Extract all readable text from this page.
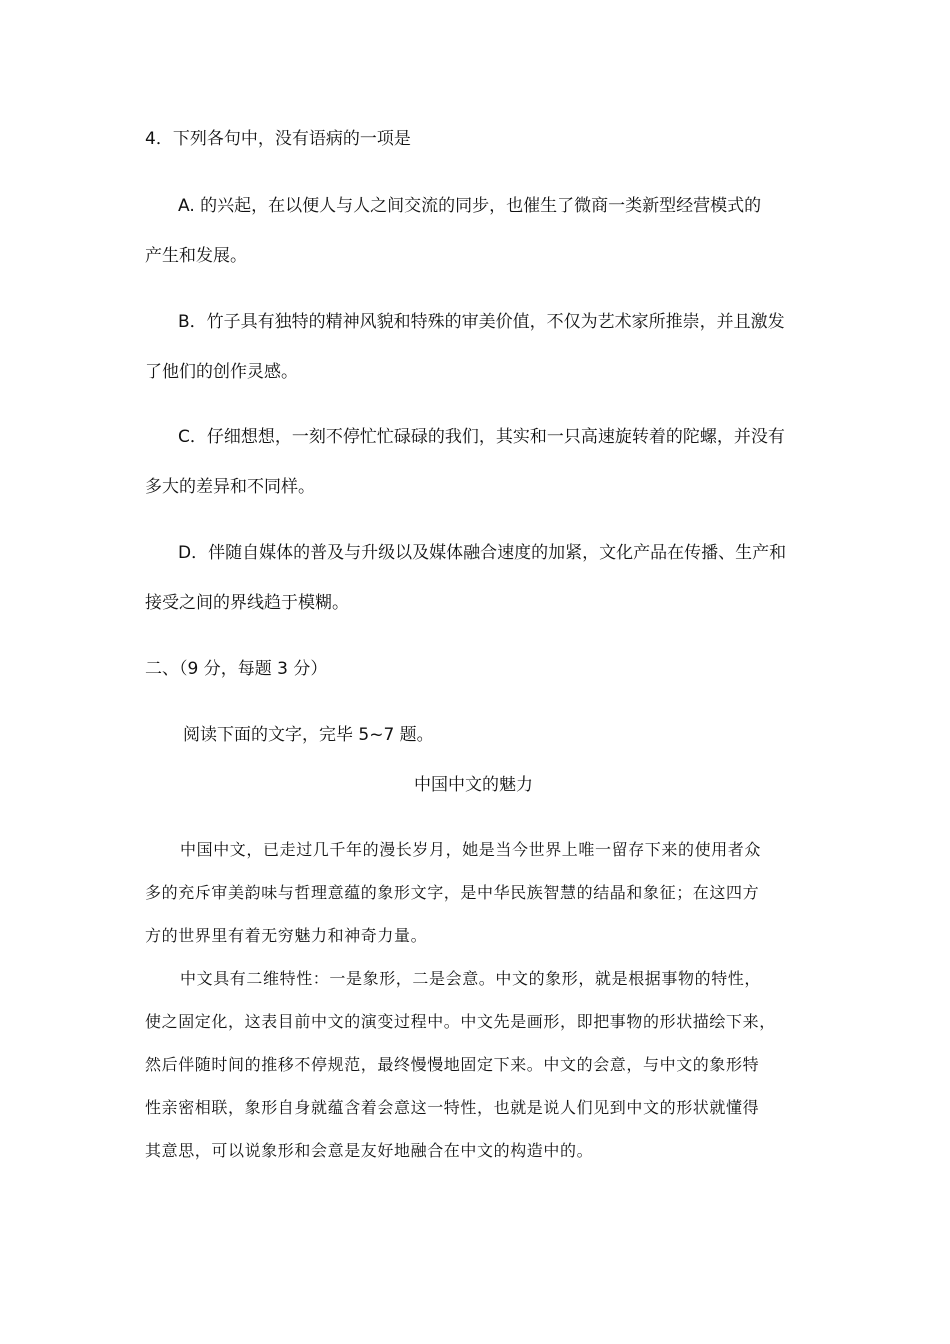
4．下列各句中，没有语病的一项是
A. 的兴起，在以便人与人之间交流的同步，也催生了微商一类新型经营模式的
产生和发展。
B．竹子具有独特的精神风貌和特殊的审美价值，不仅为艺术家所推崇，并且激发
了他们的创作灵感。
C．仔细想想，一刻不停忙忙碌碌的我们，其实和一只高速旋转着的陀螺，并没有
多大的差异和不同样。
D．伴随自媒体的普及与升级以及媒体融合速度的加紧，文化产品在传播、生产和
接受之间的界线趋于模糊。
二、（9 分，每题 3 分）
阅读下面的文字，完毕 5~7 题。
中国中文的魅力
中国中文，已走过几千年的漫长岁月，她是当今世界上唯一留存下来的使用者众
多的充斥审美韵味与哲理意蕴的象形文字，是中华民族智慧的结晶和象征；在这四方
方的世界里有着无穷魅力和神奇力量。
中文具有二维特性：一是象形，二是会意。中文的象形，就是根据事物的特性，
使之固定化，这表目前中文的演变过程中。中文先是画形，即把事物的形状描绘下来，
然后伴随时间的推移不停规范，最终慢慢地固定下来。中文的会意，与中文的象形特
性亲密相联，象形自身就蕴含着会意这一特性，也就是说人们见到中文的形状就懂得
其意思，可以说象形和会意是友好地融合在中文的构造中的。
